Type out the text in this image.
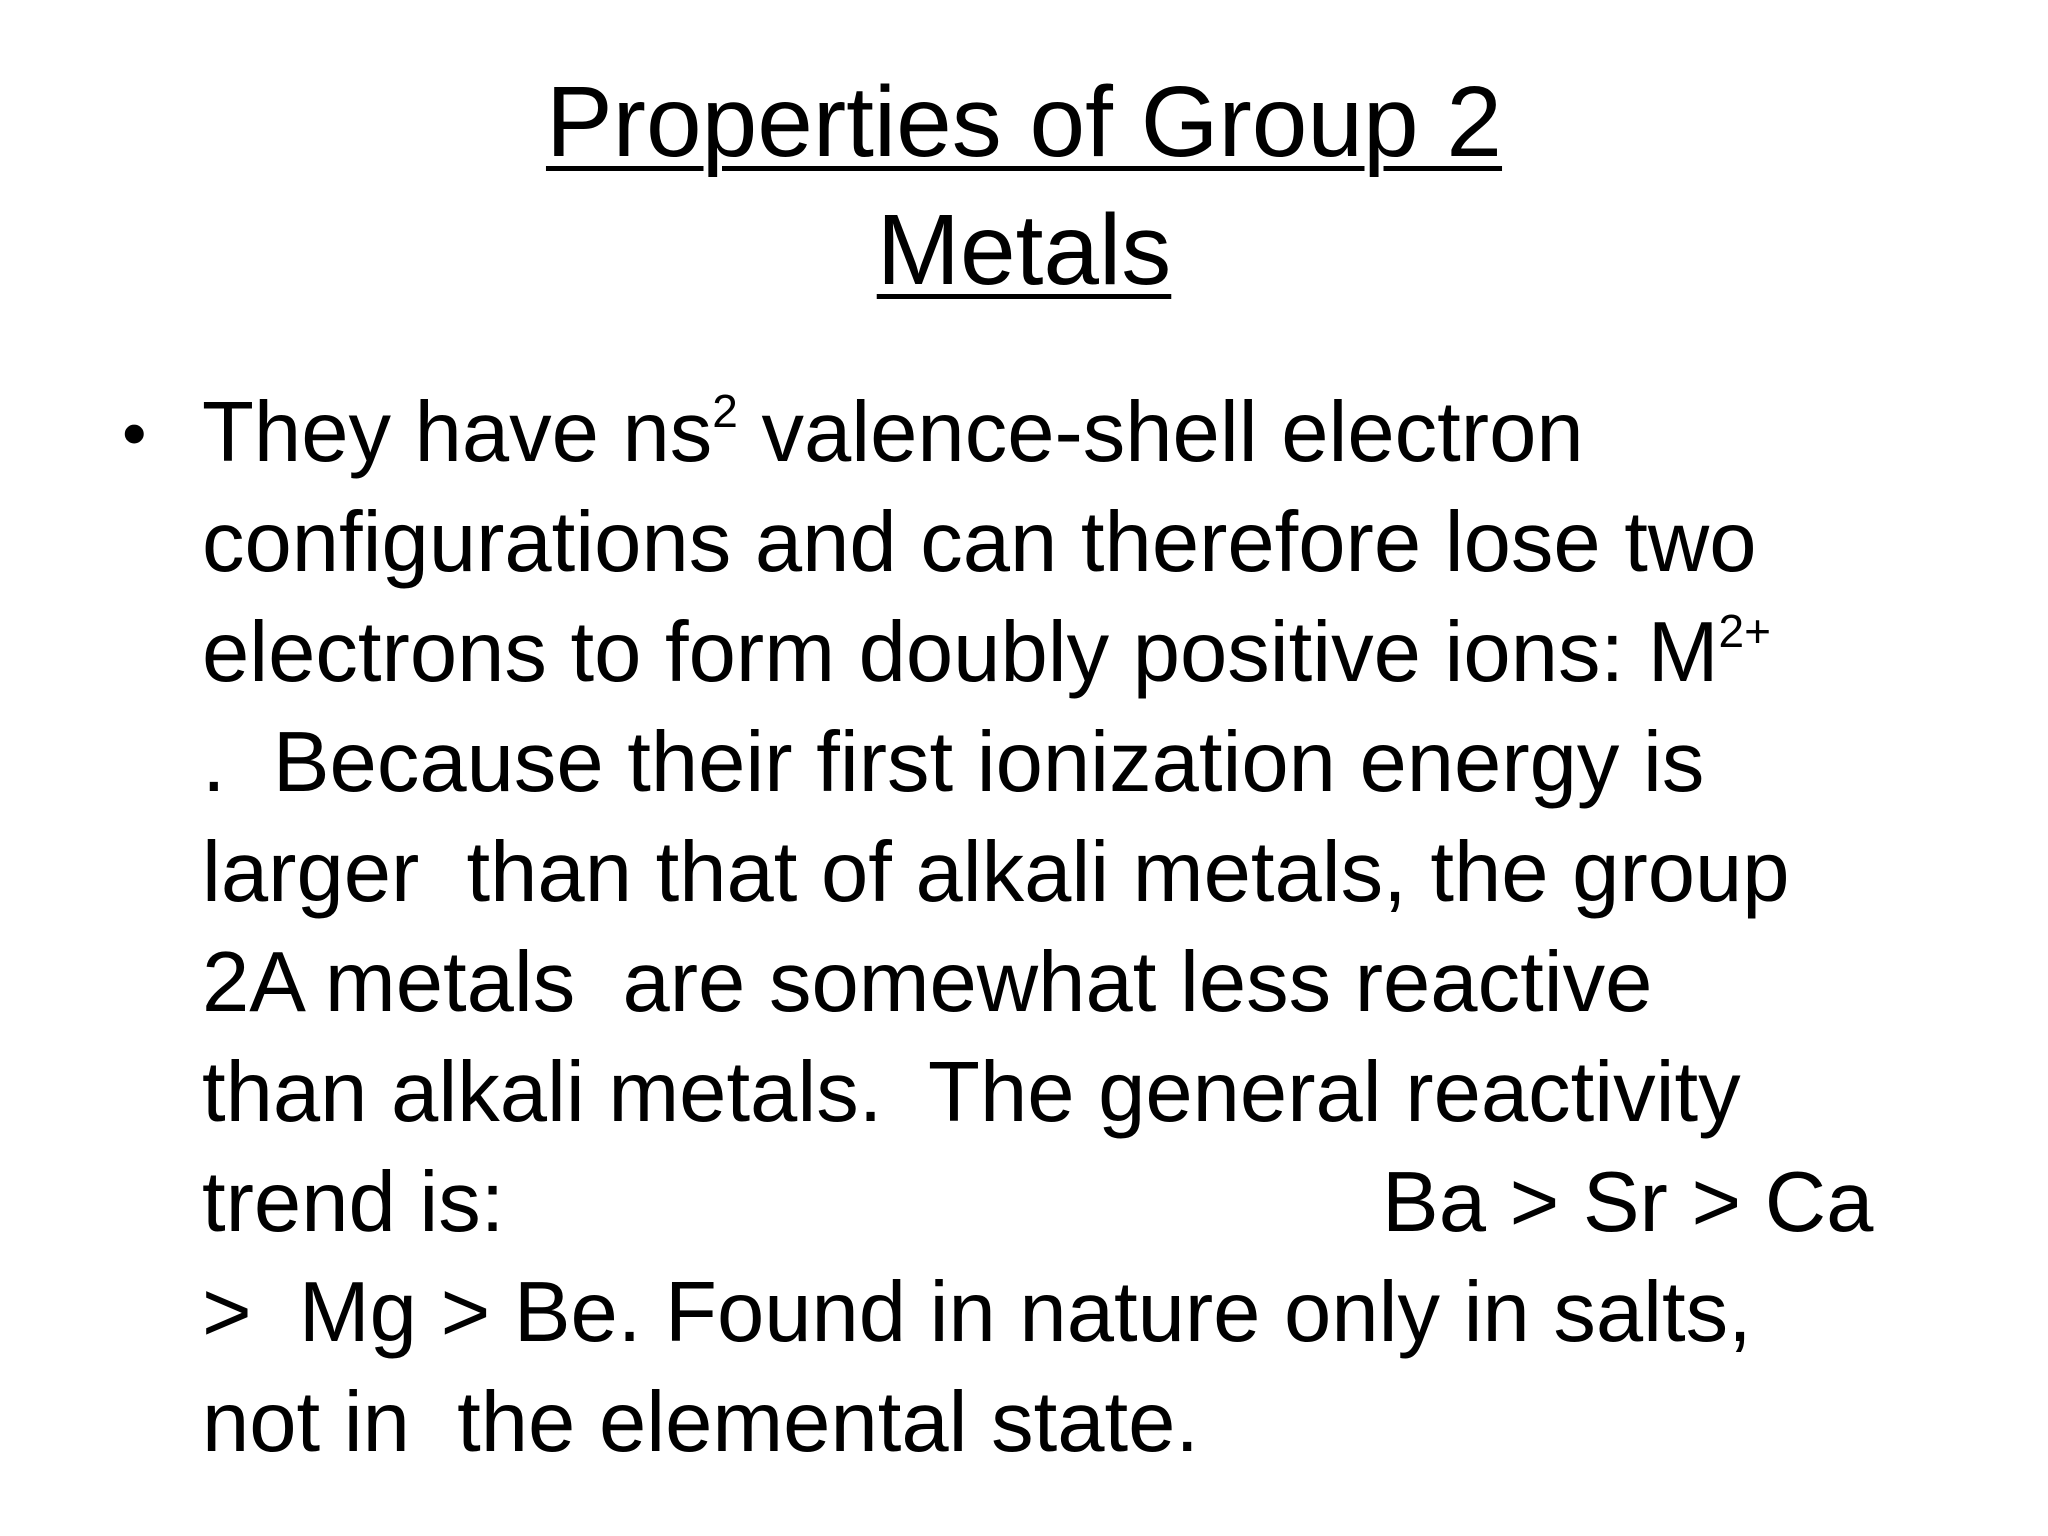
Properties of Group 2
Metals
• They have $ns^2$ valence-shell electron
configurations and can therefore lose two
electrons to form doubly positive ions: $M^{2+}$
.  Because their first ionization energy is
larger  than that of alkali metals, the group
2A metals  are somewhat less reactive
than alkali metals.  The general reactivity
trend is:	Ba > Sr > Ca
>  Mg > Be. Found in nature only in salts,
not in  the elemental state.
